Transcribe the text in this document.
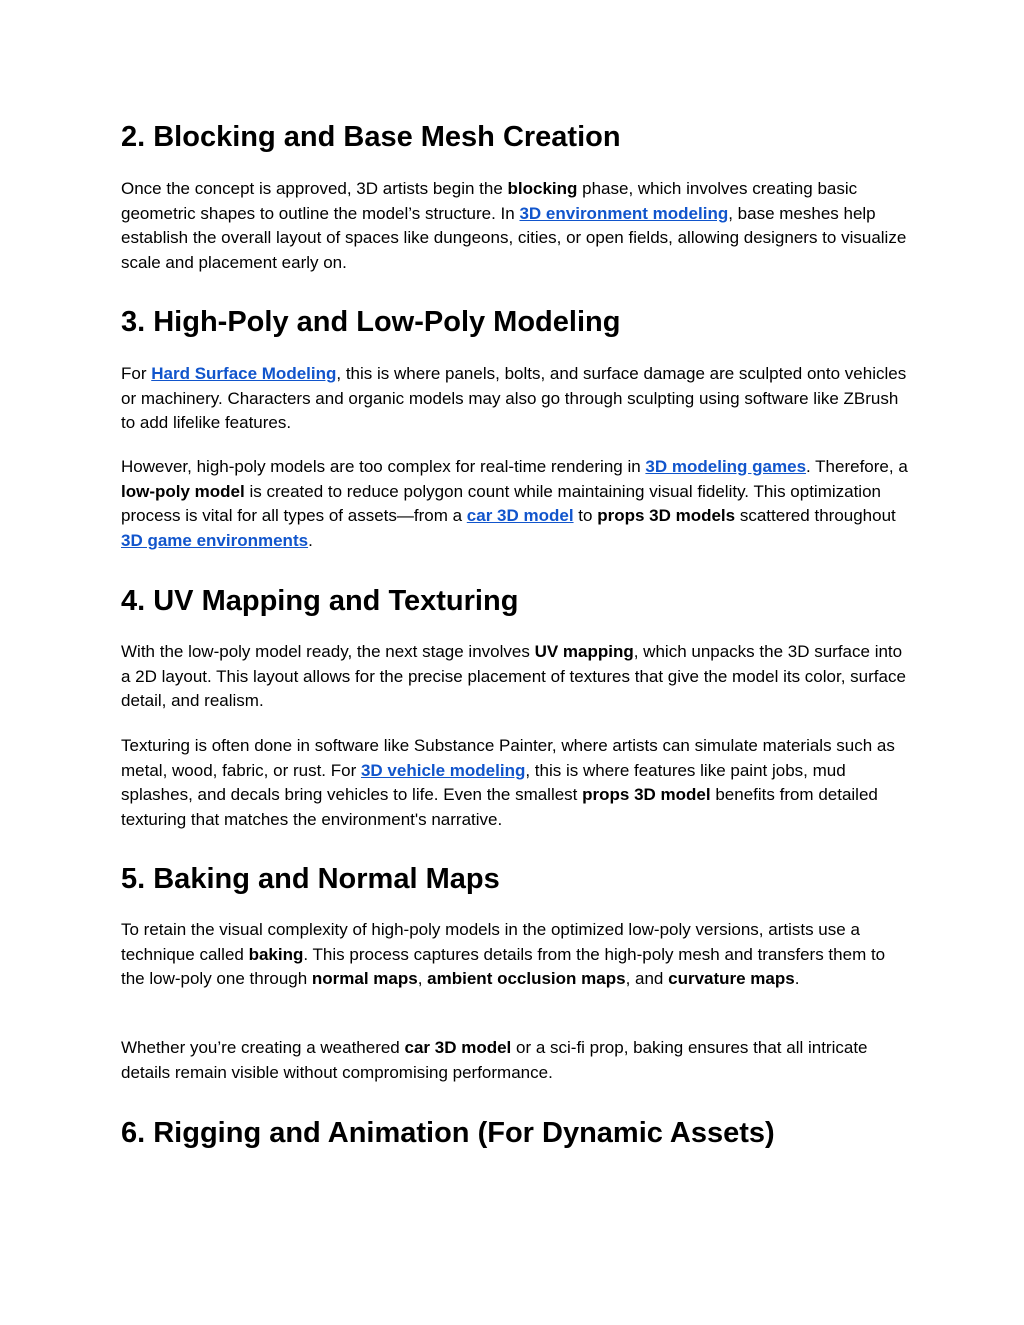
2. Blocking and Base Mesh Creation

Once the concept is approved, 3D artists begin the blocking phase, which involves creating basic geometric shapes to outline the model’s structure. In 3D environment modeling, base meshes help establish the overall layout of spaces like dungeons, cities, or open fields, allowing designers to visualize scale and placement early on.

3. High-Poly and Low-Poly Modeling

For Hard Surface Modeling, this is where panels, bolts, and surface damage are sculpted onto vehicles or machinery. Characters and organic models may also go through sculpting using software like ZBrush to add lifelike features.

However, high-poly models are too complex for real-time rendering in 3D modeling games. Therefore, a low-poly model is created to reduce polygon count while maintaining visual fidelity. This optimization process is vital for all types of assets—from a car 3D model to props 3D models scattered throughout 3D game environments.

4. UV Mapping and Texturing

With the low-poly model ready, the next stage involves UV mapping, which unpacks the 3D surface into a 2D layout. This layout allows for the precise placement of textures that give the model its color, surface detail, and realism.

Texturing is often done in software like Substance Painter, where artists can simulate materials such as metal, wood, fabric, or rust. For 3D vehicle modeling, this is where features like paint jobs, mud splashes, and decals bring vehicles to life. Even the smallest props 3D model benefits from detailed texturing that matches the environment's narrative.

5. Baking and Normal Maps

To retain the visual complexity of high-poly models in the optimized low-poly versions, artists use a technique called baking. This process captures details from the high-poly mesh and transfers them to the low-poly one through normal maps, ambient occlusion maps, and curvature maps.

Whether you’re creating a weathered car 3D model or a sci-fi prop, baking ensures that all intricate details remain visible without compromising performance.

6. Rigging and Animation (For Dynamic Assets)
